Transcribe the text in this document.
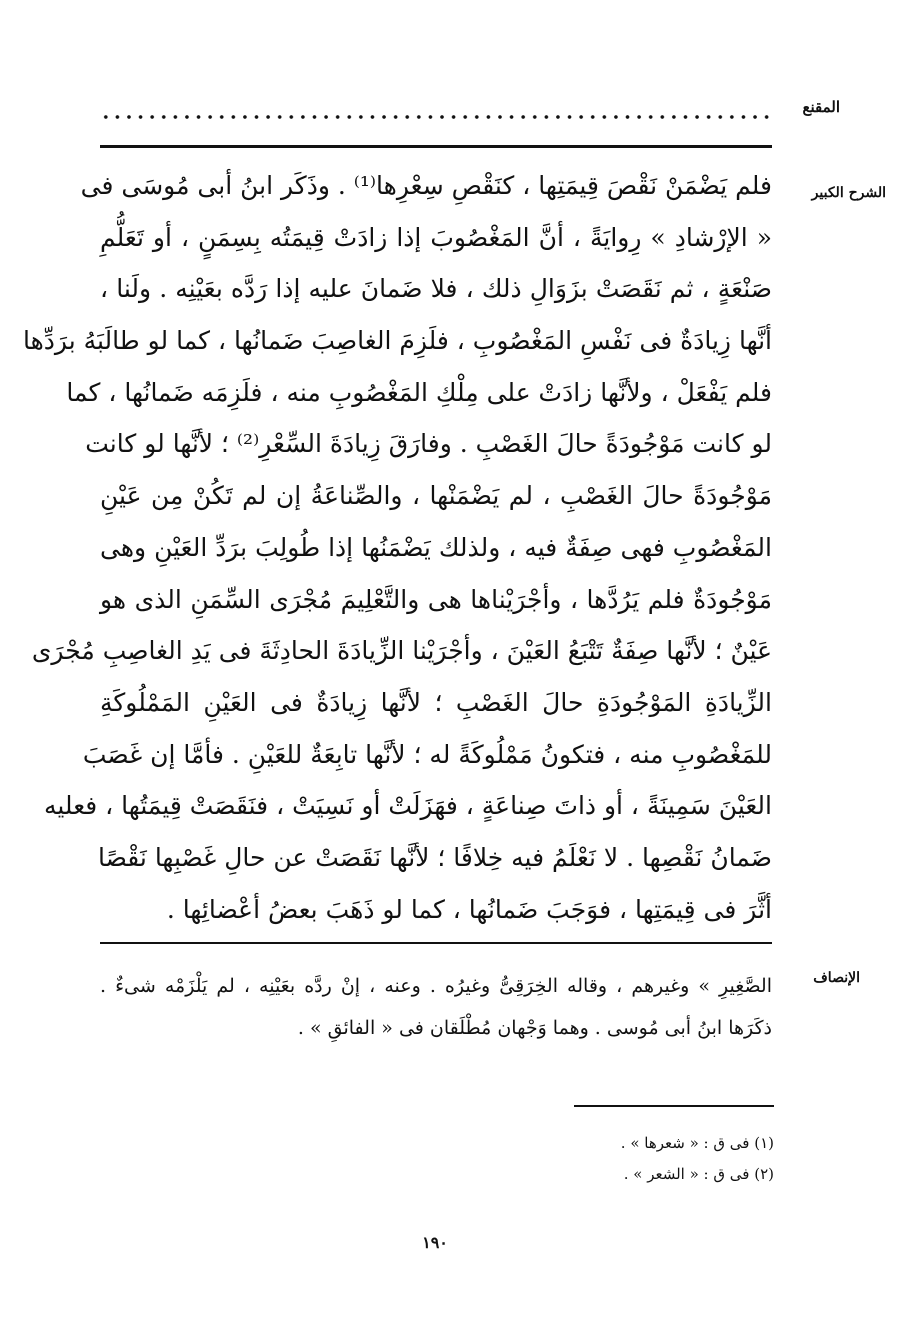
المقنع
الشرح الكبير
فلم يَضْمَنْ نَقْصَ قِيمَتِها ، كنَقْصِ سِعْرِها⁽¹⁾ . وذَكَر ابنُ أبى مُوسَى فى
« الإرْشادِ » رِوايَةً ، أنَّ المَغْصُوبَ إذا زادَتْ قِيمَتُه بِسِمَنٍ ، أو تَعَلُّمِ
صَنْعَةٍ ، ثم نَقَصَتْ بزَوَالِ ذلك ، فلا ضَمانَ عليه إذا رَدَّه بعَيْنِه . ولَنا ،
أنَّها زِيادَةٌ فى نَفْسِ المَغْصُوبِ ، فلَزِمَ الغاصِبَ ضَمانُها ، كما لو طالَبَهُ برَدِّها
فلم يَفْعَلْ ، ولأنَّها زادَتْ على مِلْكِ المَغْصُوبِ منه ، فلَزِمَه ضَمانُها ، كما
لو كانت مَوْجُودَةً حالَ الغَصْبِ . وفارَقَ زِيادَةَ السِّعْرِ⁽²⁾ ؛ لأنَّها لو كانت
مَوْجُودَةً حالَ الغَصْبِ ، لم يَضْمَنْها ، والصِّناعَةُ إن لم تَكُنْ مِن عَيْنِ
المَغْصُوبِ فهى صِفَةٌ فيه ، ولذلك يَضْمَنُها إذا طُولِبَ برَدِّ العَيْنِ وهى
مَوْجُودَةٌ فلم يَرُدَّها ، وأجْرَيْناها هى والتَّعْلِيمَ مُجْرَى السِّمَنِ الذى هو
عَيْنٌ ؛ لأنَّها صِفَةٌ تَتْبَعُ العَيْنَ ، وأجْرَيْنا الزِّيادَةَ الحادِثَةَ فى يَدِ الغاصِبِ مُجْرَى
الزِّيادَةِ المَوْجُودَةِ حالَ الغَصْبِ ؛ لأنَّها زِيادَةٌ فى العَيْنِ المَمْلُوكَةِ
للمَغْصُوبِ منه ، فتكونُ مَمْلُوكَةً له ؛ لأنَّها تابِعَةٌ للعَيْنِ . فأمَّا إن غَصَبَ
العَيْنَ سَمِينَةً ، أو ذاتَ صِناعَةٍ ، فهَزَلَتْ أو نَسِيَتْ ، فنَقَصَتْ قِيمَتُها ، فعليه
ضَمانُ نَقْصِها . لا نَعْلَمُ فيه خِلافًا ؛ لأنَّها نَقَصَتْ عن حالِ غَصْبِها نَقْصًا
أثَّرَ فى قِيمَتِها ، فوَجَبَ ضَمانُها ، كما لو ذَهَبَ بعضُ أعْضائِها .
الإنصاف
الصَّغِيرِ » وغيرهم ، وقاله الخِرَقِىُّ وغيرُه . وعنه ، إنْ ردَّه بعَيْنِه ، لم يَلْزَمْه شىءٌ .
ذكَرَها ابنُ أبى مُوسى . وهما وَجْهان مُطْلَقان فى « الفائقِ » .
(١) فى ق : « شعرها » .
(٢) فى ق : « الشعر » .
١٩٠
